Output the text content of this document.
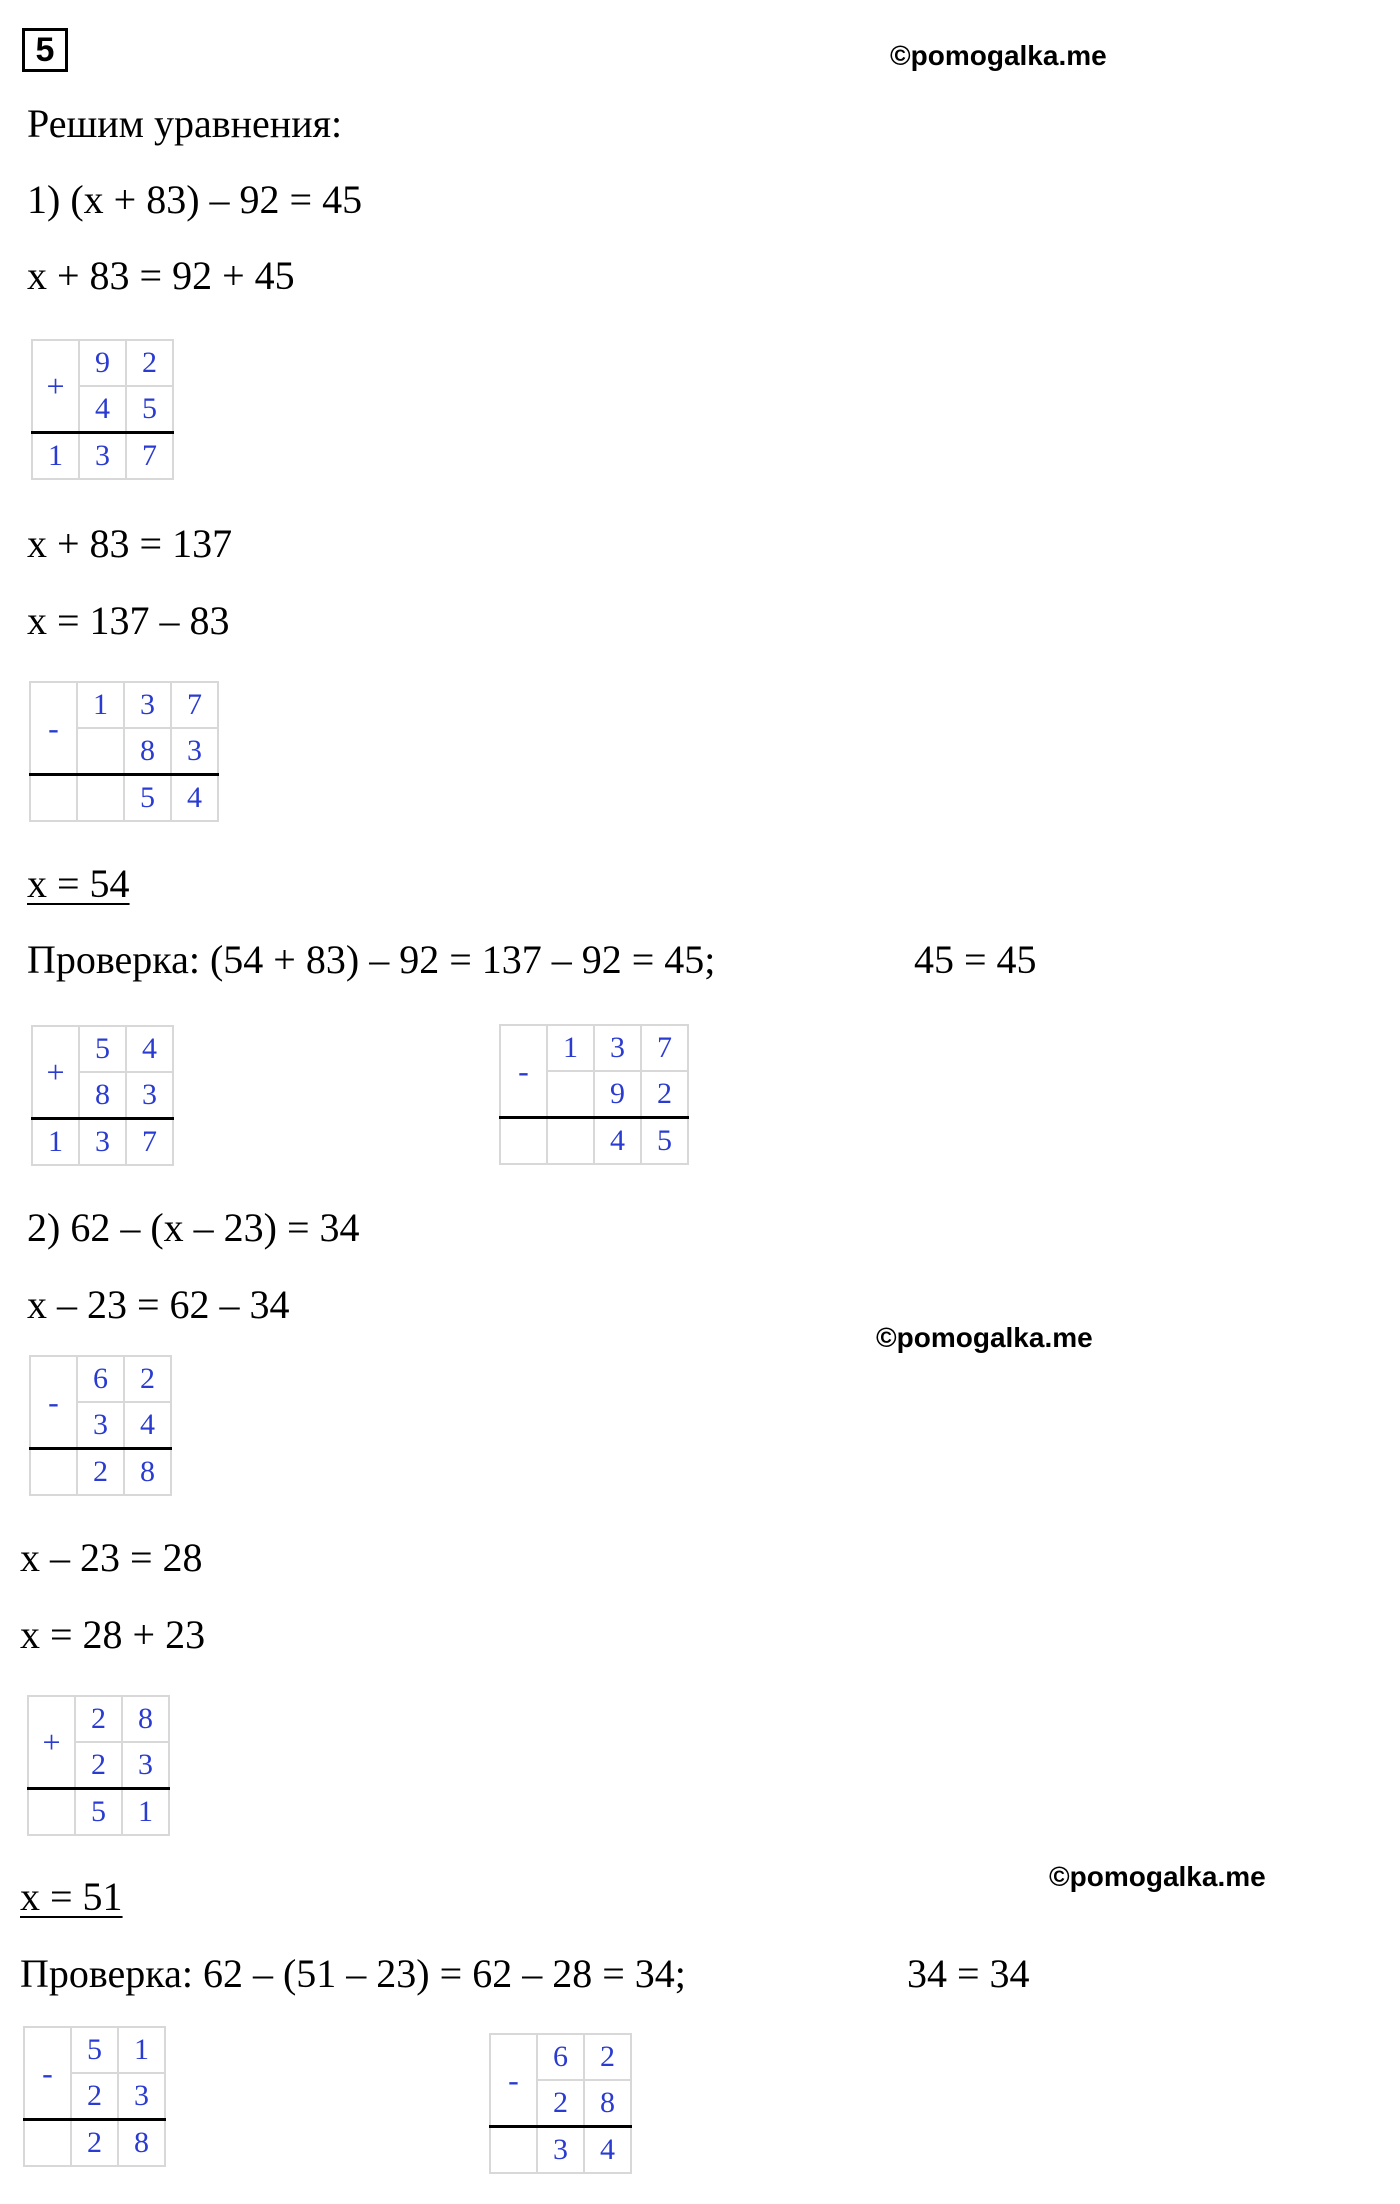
5	©pomogalka.me
Решим уравнения:
1) (x + 83) – 92 = 45
x + 83 = 92 + 45
+	9	2
	4	5
1	3	7
x + 83 = 137
x = 137 – 83
-	1	3	7
		8	3
		5	4
x = 54
Проверка: (54 + 83) – 92 = 137 – 92 = 45;	45 = 45
+	5	4
	8	3
1	3	7
-	1	3	7
		9	2
		4	5
2) 62 – (x – 23) = 34
x – 23 = 62 – 34
©pomogalka.me
-	6	2
	3	4
	2	8
x – 23 = 28
x = 28 + 23
+	2	8
	2	3
	5	1
x = 51	©pomogalka.me
Проверка: 62 – (51 – 23) = 62 – 28 = 34;	34 = 34
-	5	1
	2	3
	2	8
-	6	2
	2	8
	3	4
